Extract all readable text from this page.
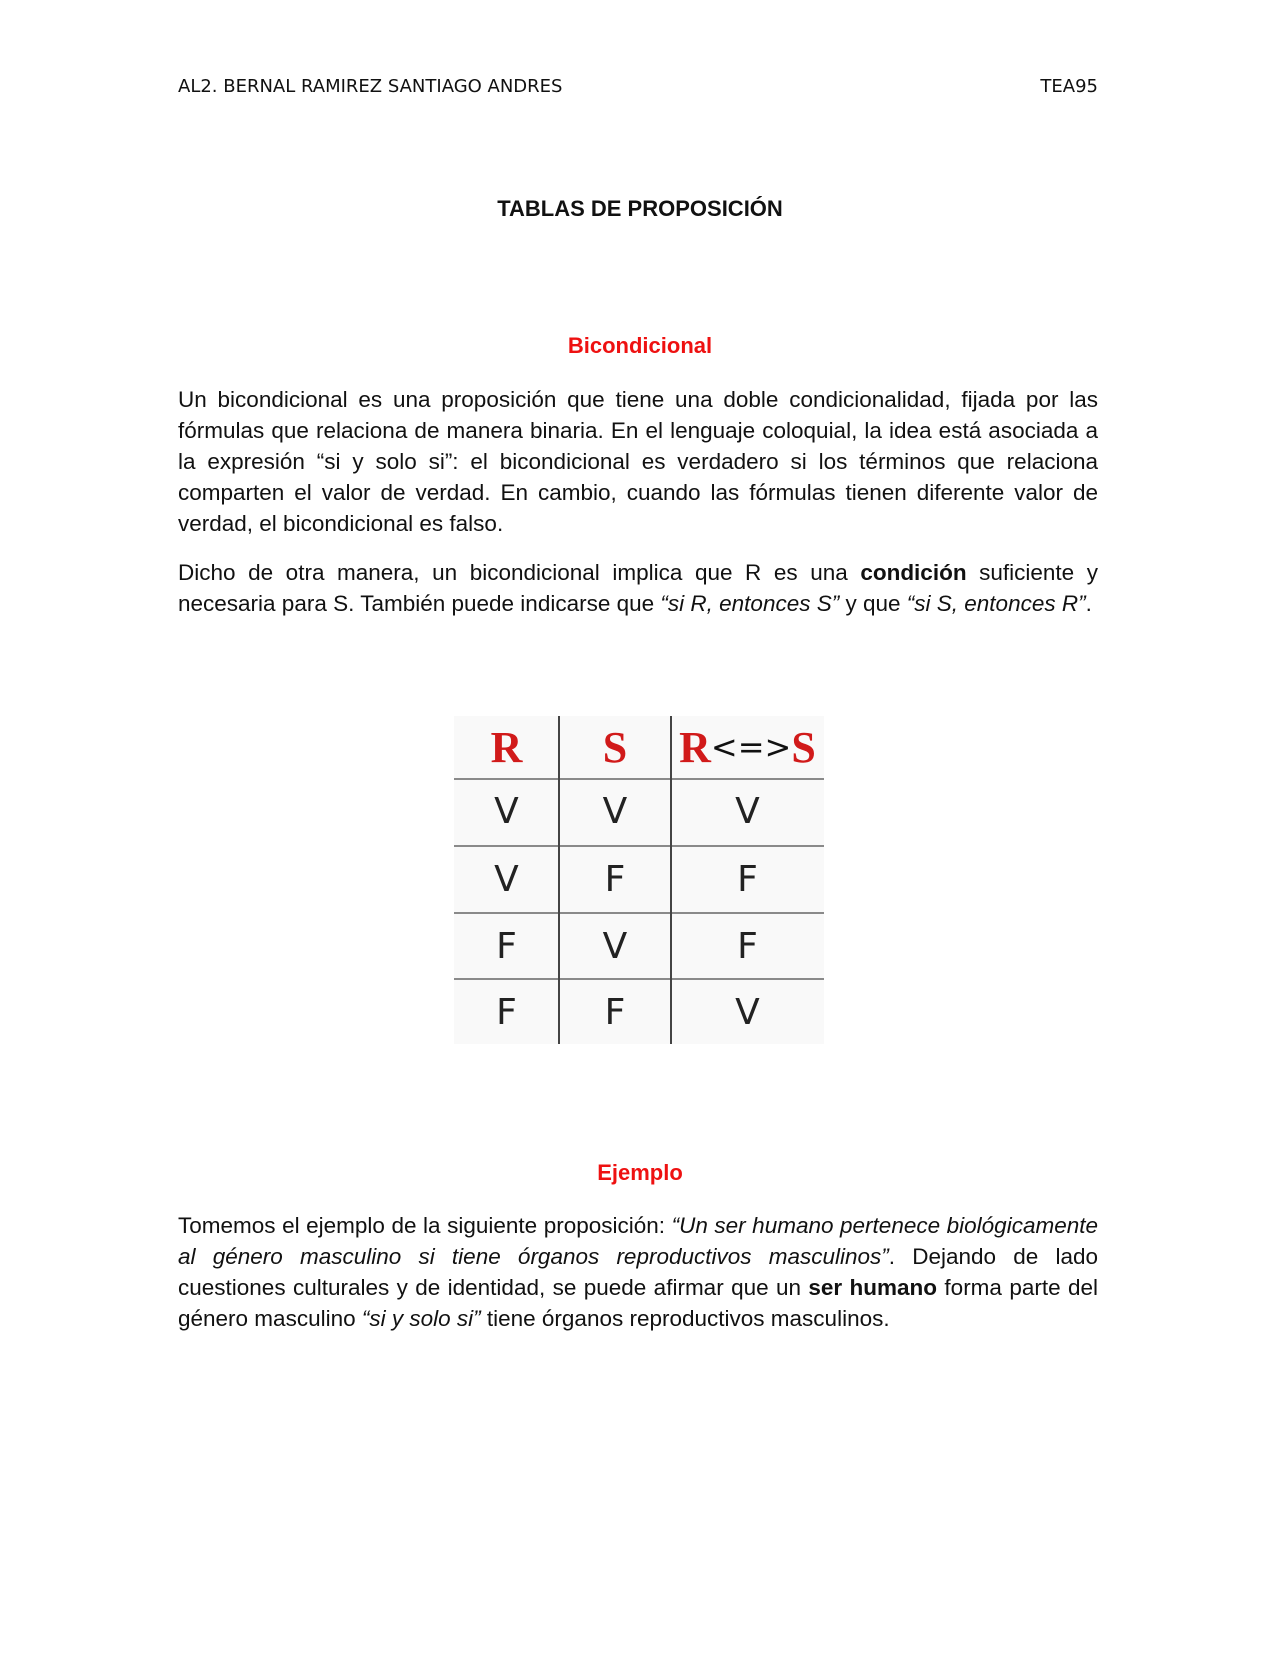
AL2. BERNAL RAMIREZ SANTIAGO ANDRES	TEA95
TABLAS DE PROPOSICIÓN
Bicondicional

Un bicondicional es una proposición que tiene una doble condicionalidad, fijada por las fórmulas que relaciona de manera binaria. En el lenguaje coloquial, la idea está asociada a la expresión “si y solo si”: el bicondicional es verdadero si los términos que relaciona comparten el valor de verdad. En cambio, cuando las fórmulas tienen diferente valor de verdad, el bicondicional es falso.

Dicho de otra manera, un bicondicional implica que R es una condición suficiente y necesaria para S. También puede indicarse que “si R, entonces S” y que “si S, entonces R”.

R	S	R <=> S
V	V	V
V	F	F
F	V	F
F	F	V
Ejemplo

Tomemos el ejemplo de la siguiente proposición: “Un ser humano pertenece biológicamente al género masculino si tiene órganos reproductivos masculinos”. Dejando de lado cuestiones culturales y de identidad, se puede afirmar que un ser humano forma parte del género masculino “si y solo si” tiene órganos reproductivos masculinos.
